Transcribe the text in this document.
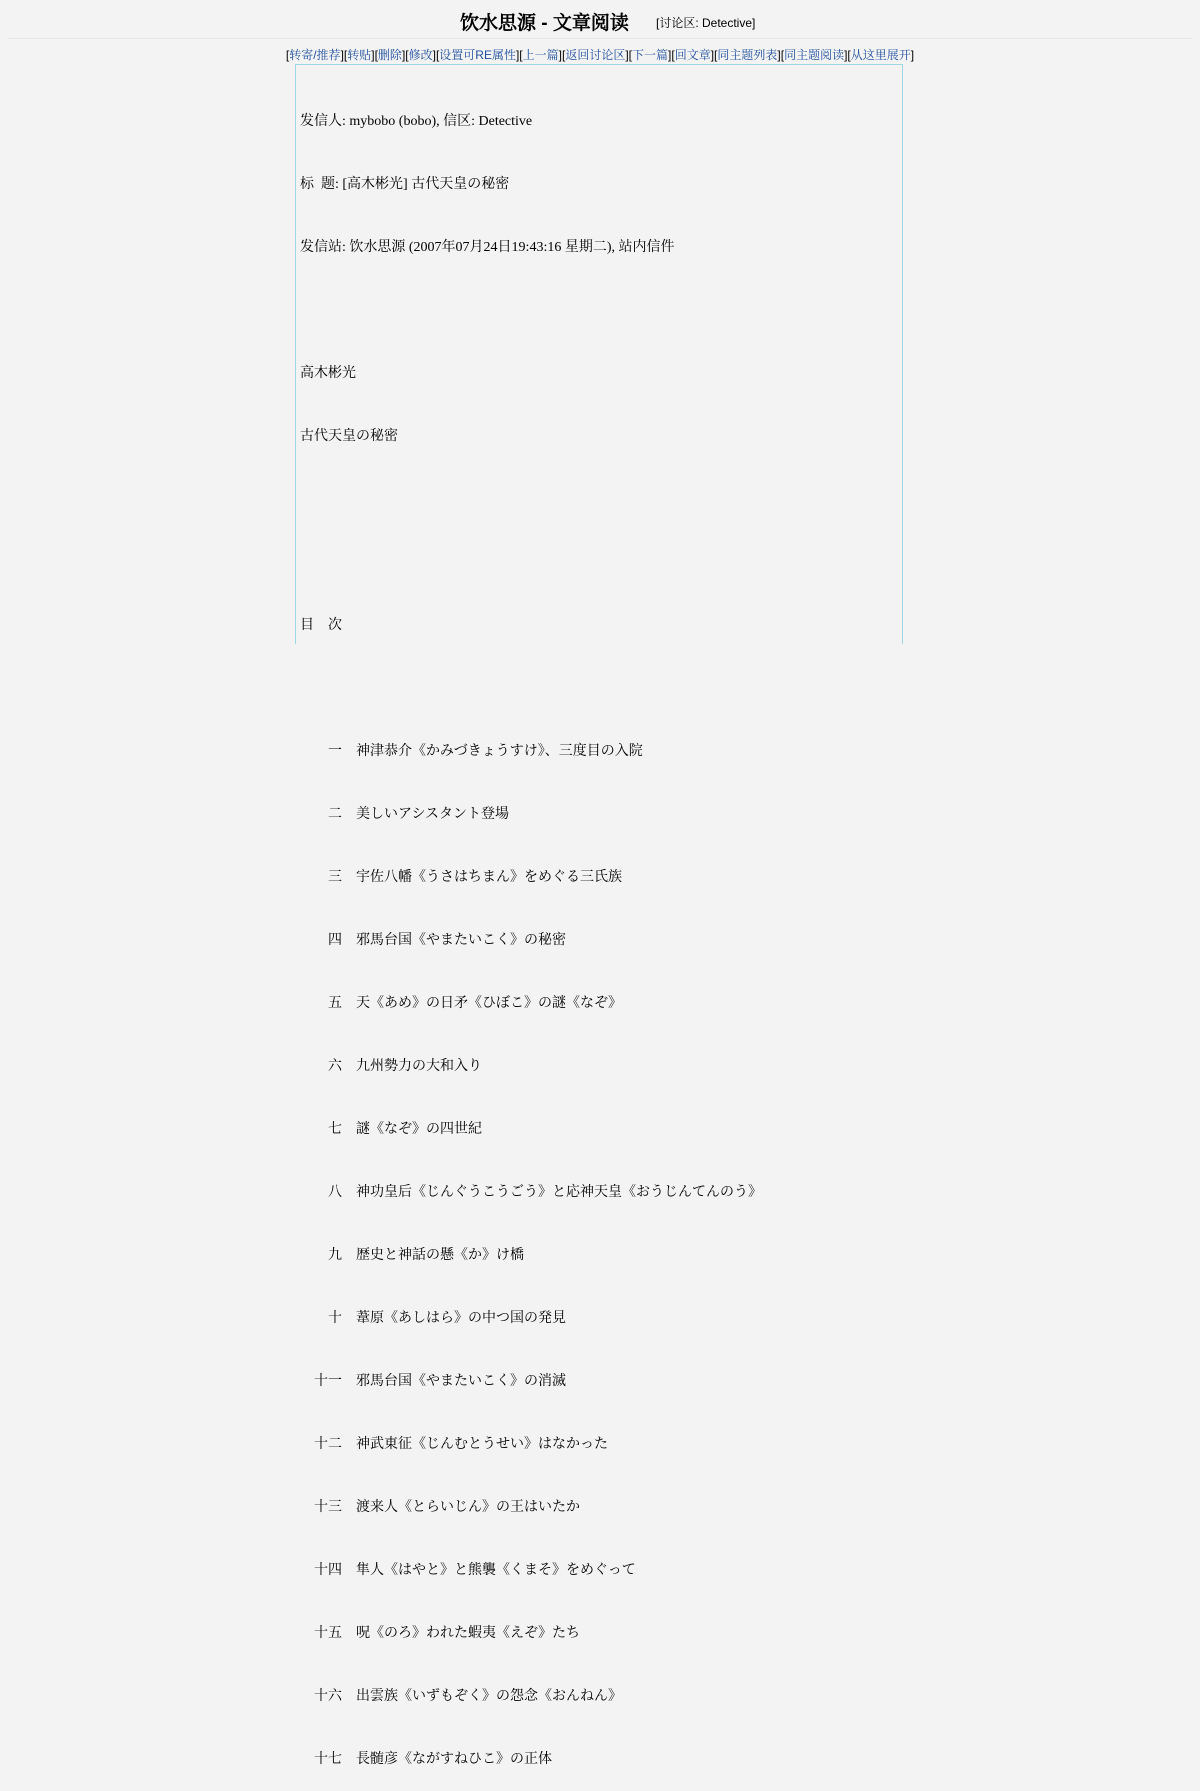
饮水思源 - 文章阅读 [讨论区: Detective]
[转寄/推荐][转贴][删除][修改][设置可RE属性][上一篇][返回讨论区][下一篇][回文章][同主题列表][同主题阅读][从这里展开]

发信人: mybobo (bobo), 信区: Detective

标  题: [高木彬光] 古代天皇の秘密

发信站: 饮水思源 (2007年07月24日19:43:16 星期二), 站内信件

高木彬光

古代天皇の秘密

目　次

　　一　神津恭介《かみづきょうすけ》、三度目の入院

　　二　美しいアシスタント登場

　　三　宇佐八幡《うさはちまん》をめぐる三氏族

　　四　邪馬台国《やまたいこく》の秘密

　　五　天《あめ》の日矛《ひぼこ》の謎《なぞ》

　　六　九州勢力の大和入り

　　七　謎《なぞ》の四世紀

　　八　神功皇后《じんぐうこうごう》と応神天皇《おうじんてんのう》

　　九　歴史と神話の懸《か》け橋

　　十　葦原《あしはら》の中つ国の発見

　十一　邪馬台国《やまたいこく》の消滅

　十二　神武東征《じんむとうせい》はなかった

　十三　渡来人《とらいじん》の王はいたか

　十四　隼人《はやと》と熊襲《くまそ》をめぐって

　十五　呪《のろ》われた蝦夷《えぞ》たち

　十六　出雲族《いずもぞく》の怨念《おんねん》

　十七　長髄彦《ながすねひこ》の正体
